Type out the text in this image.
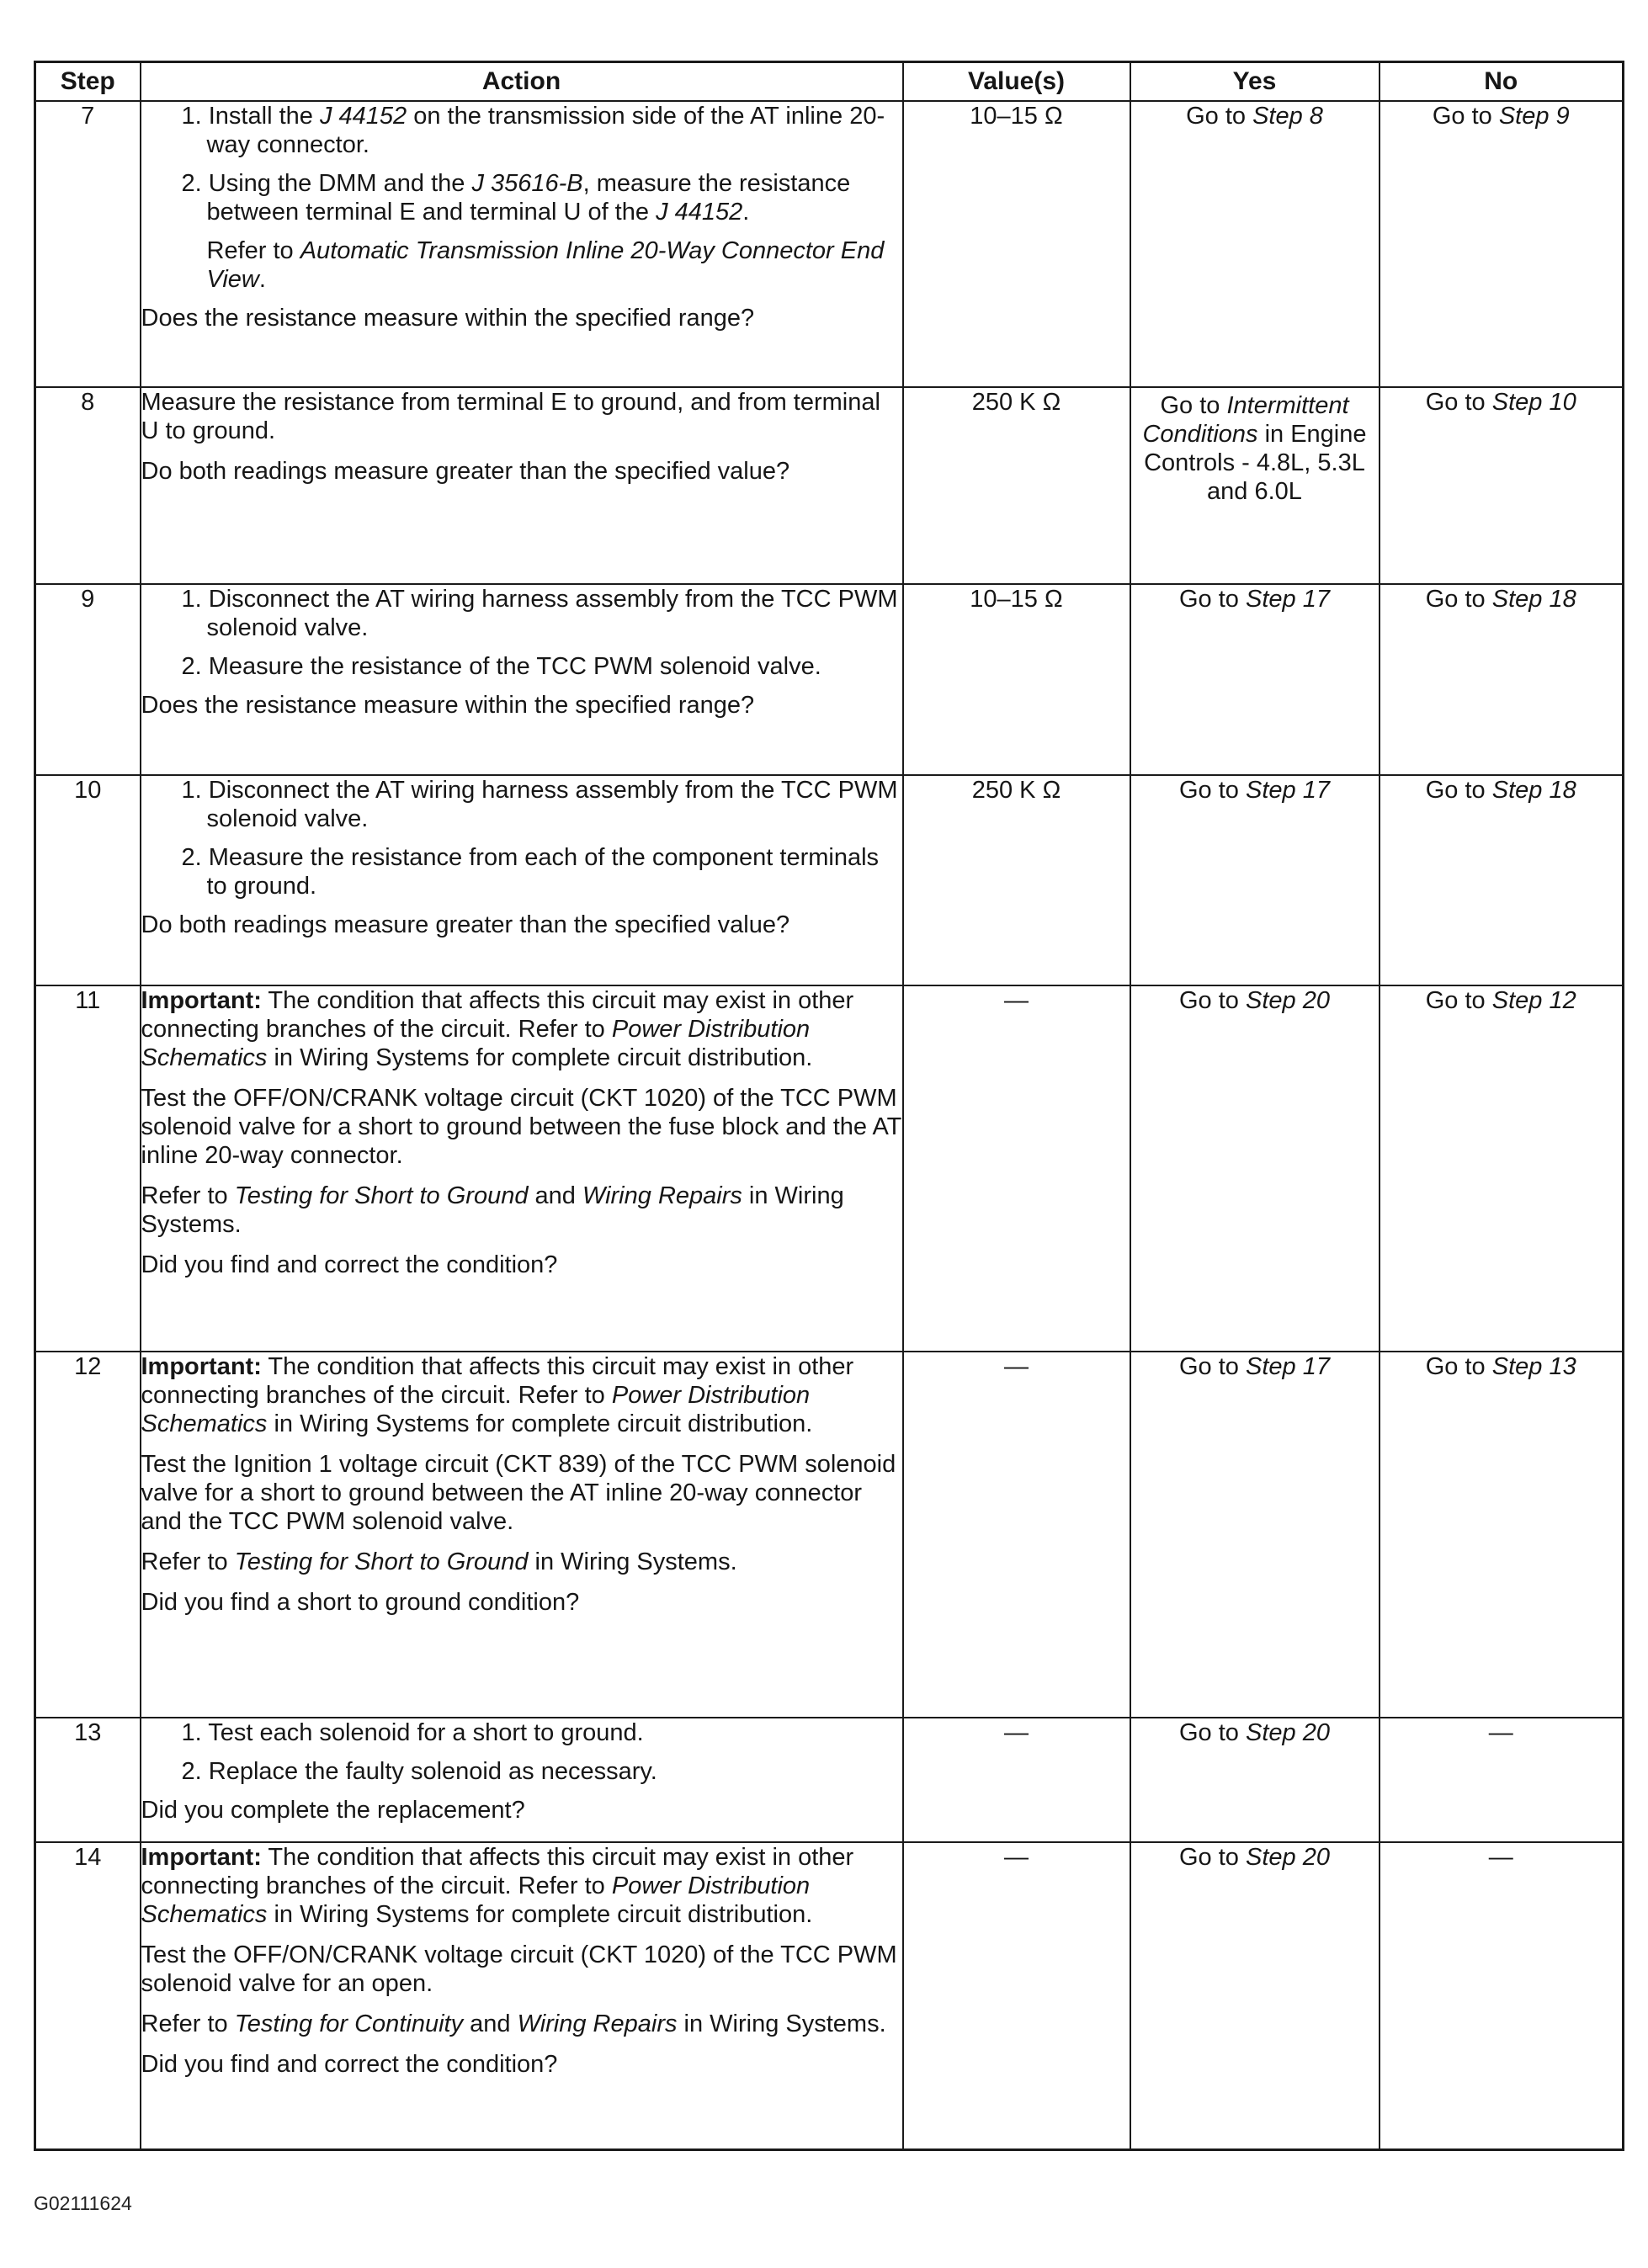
Step	Action	Value(s)	Yes	No
7	1. Install the J 44152 on the transmission side of the AT inline 20-way connector.
2. Using the DMM and the J 35616-B, measure the resistance between terminal E and terminal U of the J 44152.
Refer to Automatic Transmission Inline 20-Way Connector End View.

Does the resistance measure within the specified range?	10–15 Ω	Go to Step 8	Go to Step 9
8	Measure the resistance from terminal E to ground, and from terminal U to ground.

Do both readings measure greater than the specified value?	250 K Ω	Go to Intermittent Conditions in Engine Controls - 4.8L, 5.3L and 6.0L	Go to Step 10
9	1. Disconnect the AT wiring harness assembly from the TCC PWM solenoid valve.
2. Measure the resistance of the TCC PWM solenoid valve.

Does the resistance measure within the specified range?	10–15 Ω	Go to Step 17	Go to Step 18
10	1. Disconnect the AT wiring harness assembly from the TCC PWM solenoid valve.
2. Measure the resistance from each of the component terminals to ground.

Do both readings measure greater than the specified value?	250 K Ω	Go to Step 17	Go to Step 18
11	Important: The condition that affects this circuit may exist in other connecting branches of the circuit. Refer to Power Distribution Schematics in Wiring Systems for complete circuit distribution.

Test the OFF/ON/CRANK voltage circuit (CKT 1020) of the TCC PWM solenoid valve for a short to ground between the fuse block and the AT inline 20-way connector.

Refer to Testing for Short to Ground and Wiring Repairs in Wiring Systems.

Did you find and correct the condition?	—	Go to Step 20	Go to Step 12
12	Important: The condition that affects this circuit may exist in other connecting branches of the circuit. Refer to Power Distribution Schematics in Wiring Systems for complete circuit distribution.

Test the Ignition 1 voltage circuit (CKT 839) of the TCC PWM solenoid valve for a short to ground between the AT inline 20-way connector and the TCC PWM solenoid valve.

Refer to Testing for Short to Ground in Wiring Systems.

Did you find a short to ground condition?	—	Go to Step 17	Go to Step 13
13	1. Test each solenoid for a short to ground.
2. Replace the faulty solenoid as necessary.

Did you complete the replacement?	—	Go to Step 20	—
14	Important: The condition that affects this circuit may exist in other connecting branches of the circuit. Refer to Power Distribution Schematics in Wiring Systems for complete circuit distribution.

Test the OFF/ON/CRANK voltage circuit (CKT 1020) of the TCC PWM solenoid valve for an open.

Refer to Testing for Continuity and Wiring Repairs in Wiring Systems.

Did you find and correct the condition?	—	Go to Step 20	—
G02111624
